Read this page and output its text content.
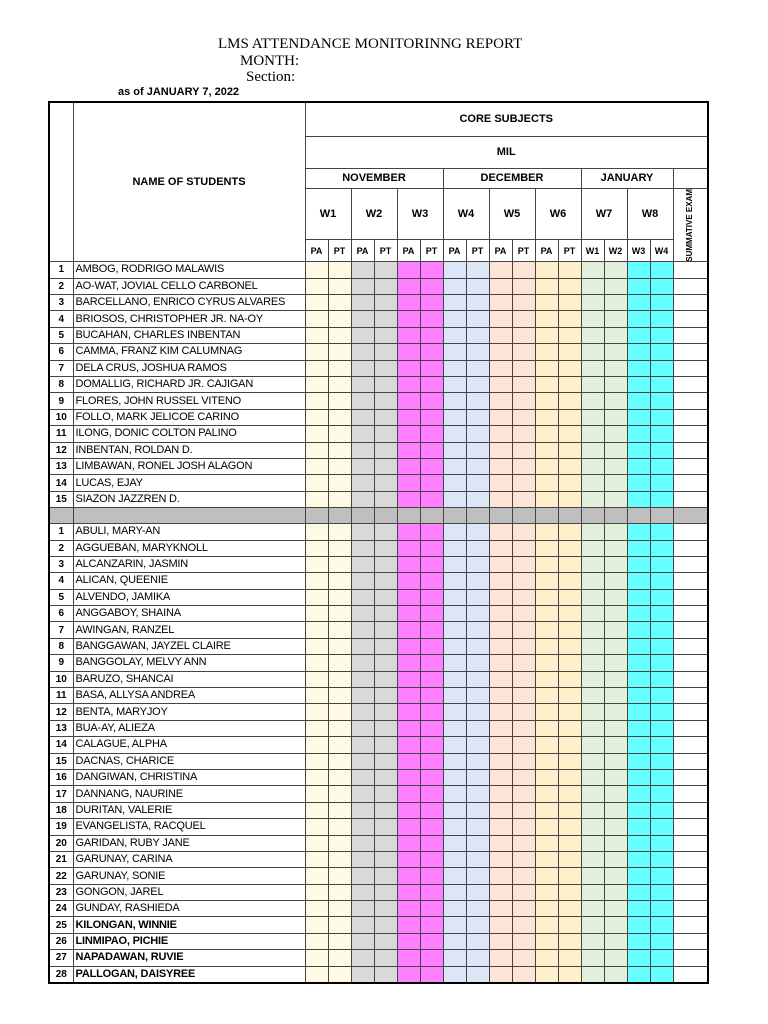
LMS ATTENDANCE MONITORINNG REPORT
MONTH:
Section:
as of JANUARY 7, 2022
	NAME OF STUDENTS	CORE SUBJECTS																
		MIL																
		NOVEMBER						DECEMBER						JANUARY				
		W1		W2		W3		W4		W5		W6		W7		W8		SUMMATIVE EXAM

		PA	PT	PA	PT	PA	PT	PA	PT	PA	PT	PA	PT	W1	W2	W3	W4	
1	AMBOG, RODRIGO MALAWIS																	
2	AO-WAT, JOVIAL CELLO CARBONEL																	
3	BARCELLANO, ENRICO CYRUS ALVARES																	
4	BRIOSOS, CHRISTOPHER JR. NA-OY																	
5	BUCAHAN, CHARLES INBENTAN																	
6	CAMMA, FRANZ KIM CALUMNAG																	
7	DELA CRUS, JOSHUA RAMOS																	
8	DOMALLIG, RICHARD JR. CAJIGAN																	
9	FLORES, JOHN RUSSEL VITENO																	
10	FOLLO, MARK JELICOE CARINO																	
11	ILONG, DONIC COLTON PALINO																	
12	INBENTAN, ROLDAN D.																	
13	LIMBAWAN, RONEL JOSH ALAGON																	
14	LUCAS, EJAY																	
15	SIAZON JAZZREN D.																	

1	ABULI, MARY-AN																	
2	AGGUEBAN, MARYKNOLL																	
3	ALCANZARIN, JASMIN																	
4	ALICAN, QUEENIE																	
5	ALVENDO, JAMIKA																	
6	ANGGABOY, SHAINA																	
7	AWINGAN, RANZEL																	
8	BANGGAWAN, JAYZEL CLAIRE																	
9	BANGGOLAY, MELVY ANN																	
10	BARUZO, SHANCAI																	
11	BASA, ALLYSA ANDREA																	
12	BENTA, MARYJOY																	
13	BUA-AY, ALIEZA																	
14	CALAGUE, ALPHA																	
15	DACNAS, CHARICE																	
16	DANGIWAN, CHRISTINA																	
17	DANNANG, NAURINE																	
18	DURITAN, VALERIE																	
19	EVANGELISTA, RACQUEL																	
20	GARIDAN, RUBY JANE																	
21	GARUNAY, CARINA																	
22	GARUNAY, SONIE																	
23	GONGON, JAREL																	
24	GUNDAY, RASHIEDA																	
25	KILONGAN, WINNIE																	
26	LINMIPAO, PICHIE																	
27	NAPADAWAN, RUVIE																	
28	PALLOGAN, DAISYREE																	
